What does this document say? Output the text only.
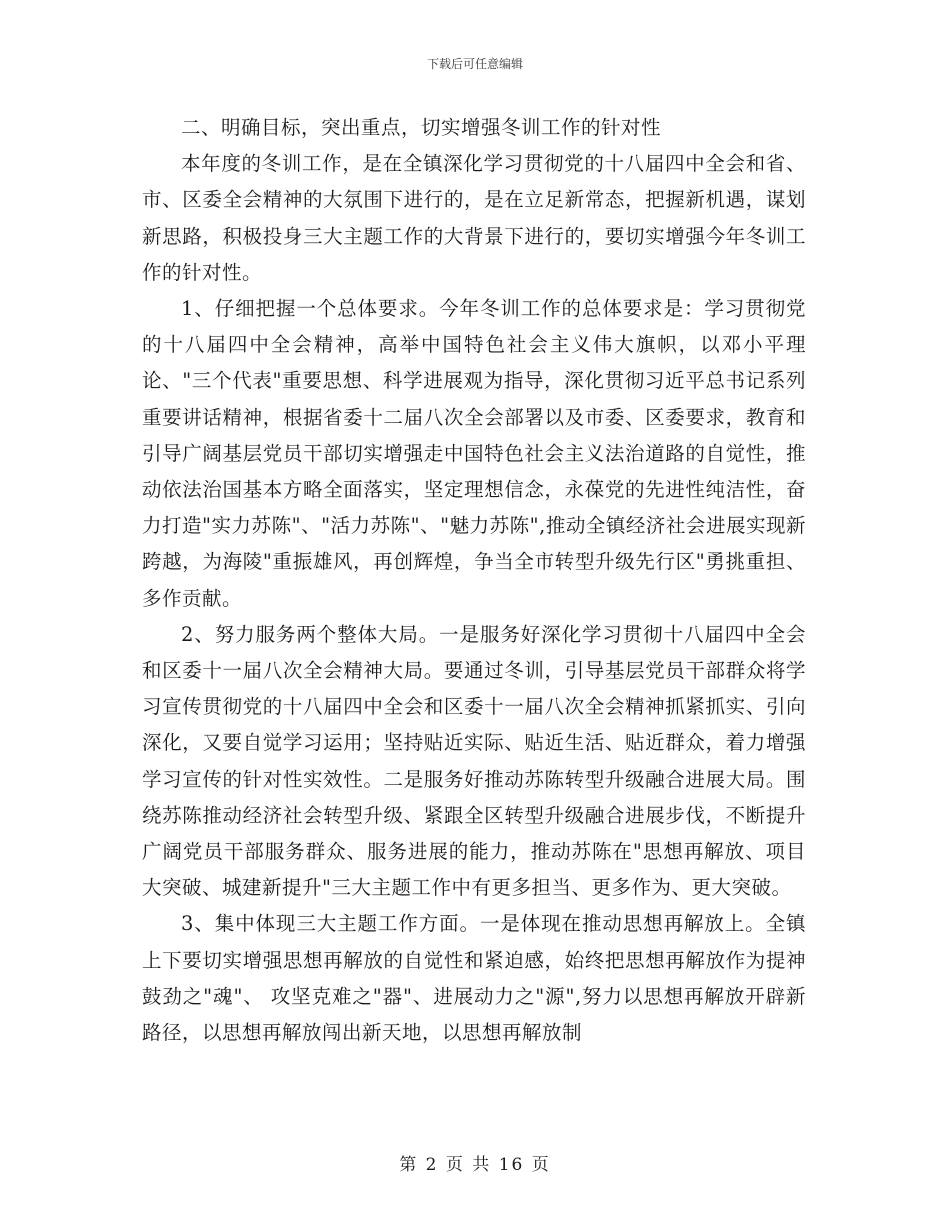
下载后可任意编辑

二、明确目标，突出重点，切实增强冬训工作的针对性

本年度的冬训工作，是在全镇深化学习贯彻党的十八届四中全会和省、市、区委全会精神的大氛围下进行的，是在立足新常态，把握新机遇，谋划新思路，积极投身三大主题工作的大背景下进行的，要切实增强今年冬训工作的针对性。

1、仔细把握一个总体要求。今年冬训工作的总体要求是：学习贯彻党的十八届四中全会精神，高举中国特色社会主义伟大旗帜，以邓小平理论、"三个代表"重要思想、科学进展观为指导，深化贯彻习近平总书记系列重要讲话精神，根据省委十二届八次全会部署以及市委、区委要求，教育和引导广阔基层党员干部切实增强走中国特色社会主义法治道路的自觉性，推动依法治国基本方略全面落实，坚定理想信念，永葆党的先进性纯洁性，奋力打造"实力苏陈"、"活力苏陈"、"魅力苏陈",推动全镇经济社会进展实现新跨越，为海陵"重振雄风，再创辉煌，争当全市转型升级先行区"勇挑重担、多作贡献。

2、努力服务两个整体大局。一是服务好深化学习贯彻十八届四中全会和区委十一届八次全会精神大局。要通过冬训，引导基层党员干部群众将学习宣传贯彻党的十八届四中全会和区委十一届八次全会精神抓紧抓实、引向深化，又要自觉学习运用；坚持贴近实际、贴近生活、贴近群众，着力增强学习宣传的针对性实效性。二是服务好推动苏陈转型升级融合进展大局。围绕苏陈推动经济社会转型升级、紧跟全区转型升级融合进展步伐，不断提升广阔党员干部服务群众、服务进展的能力，推动苏陈在"思想再解放、项目大突破、城建新提升"三大主题工作中有更多担当、更多作为、更大突破。

3、集中体现三大主题工作方面。一是体现在推动思想再解放上。全镇上下要切实增强思想再解放的自觉性和紧迫感，始终把思想再解放作为提神鼓劲之"魂"、 攻坚克难之"器"、进展动力之"源",努力以思想再解放开辟新路径，以思想再解放闯出新天地，以思想再解放制

第 2 页 共 16 页
